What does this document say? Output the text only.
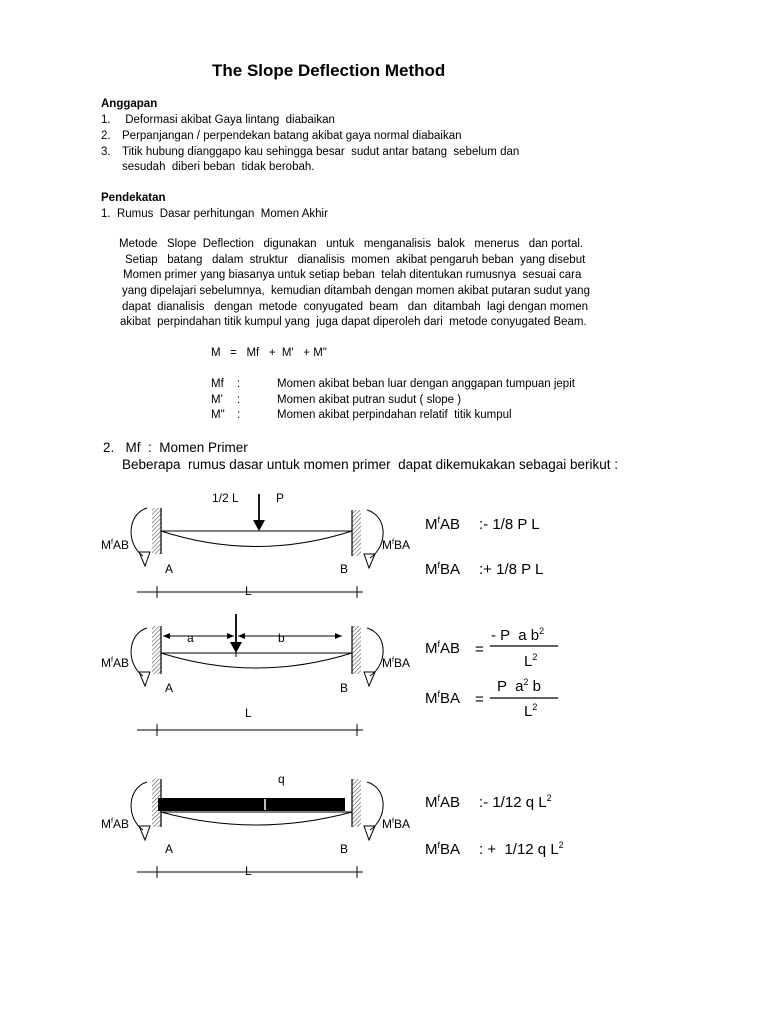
The Slope Deflection Method
Anggapan
1. Deformasi akibat Gaya lintang  diabaikan
2. Perpanjangan / perpendekan batang akibat gaya normal diabaikan
3. Titik hubung dianggapo kau sehingga besar  sudut antar batang  sebelum dan
sesudah  diberi beban  tidak berobah.
Pendekatan
1.  Rumus  Dasar perhitungan  Momen Akhir
Metode   Slope  Deflection   digunakan   untuk   menganalisis  balok   menerus   dan portal.
Setiap   batang   dalam  struktur   dianalisis  momen  akibat pengaruh beban  yang disebut
Momen primer yang biasanya untuk setiap beban  telah ditentukan rumusnya  sesuai cara
yang dipelajari sebelumnya,  kemudian ditambah dengan momen akibat putaran sudut yang
dapat  dianalisis   dengan  metode  conyugated  beam   dan  ditambah  lagi dengan momen
akibat  perpindahan titik kumpul yang  juga dapat diperoleh dari  metode conyugated Beam.
M   =   Mf   +  M'   + M"
Mf :	Momen akibat beban luar dengan anggapan tumpuan jepit
M' :	Momen akibat putran sudut ( slope )
M" :	Momen akibat perpindahan relatif  titik kumpul
2.   Mf  :  Momen Primer
Beberapa  rumus dasar untuk momen primer  dapat dikemukakan sebagai berikut :
1/2 L	P
$M^fAB$	$M^fBA$
A	B
L
a	b
$M^fAB$	$M^fBA$
A	B
L
q
$M^fAB$	$M^fBA$
A	B
L
$M^fAB$ :- 1/8 P L
$M^fBA$ :+ 1/8 P L
- P  a $b^2$
$M^fAB$ =
$L^2$
P  $a^2$ b
$M^fBA$ =
$L^2$
$M^fAB$ :- 1/12 q $L^2$
$M^fBA$ : +  1/12 q $L^2$
